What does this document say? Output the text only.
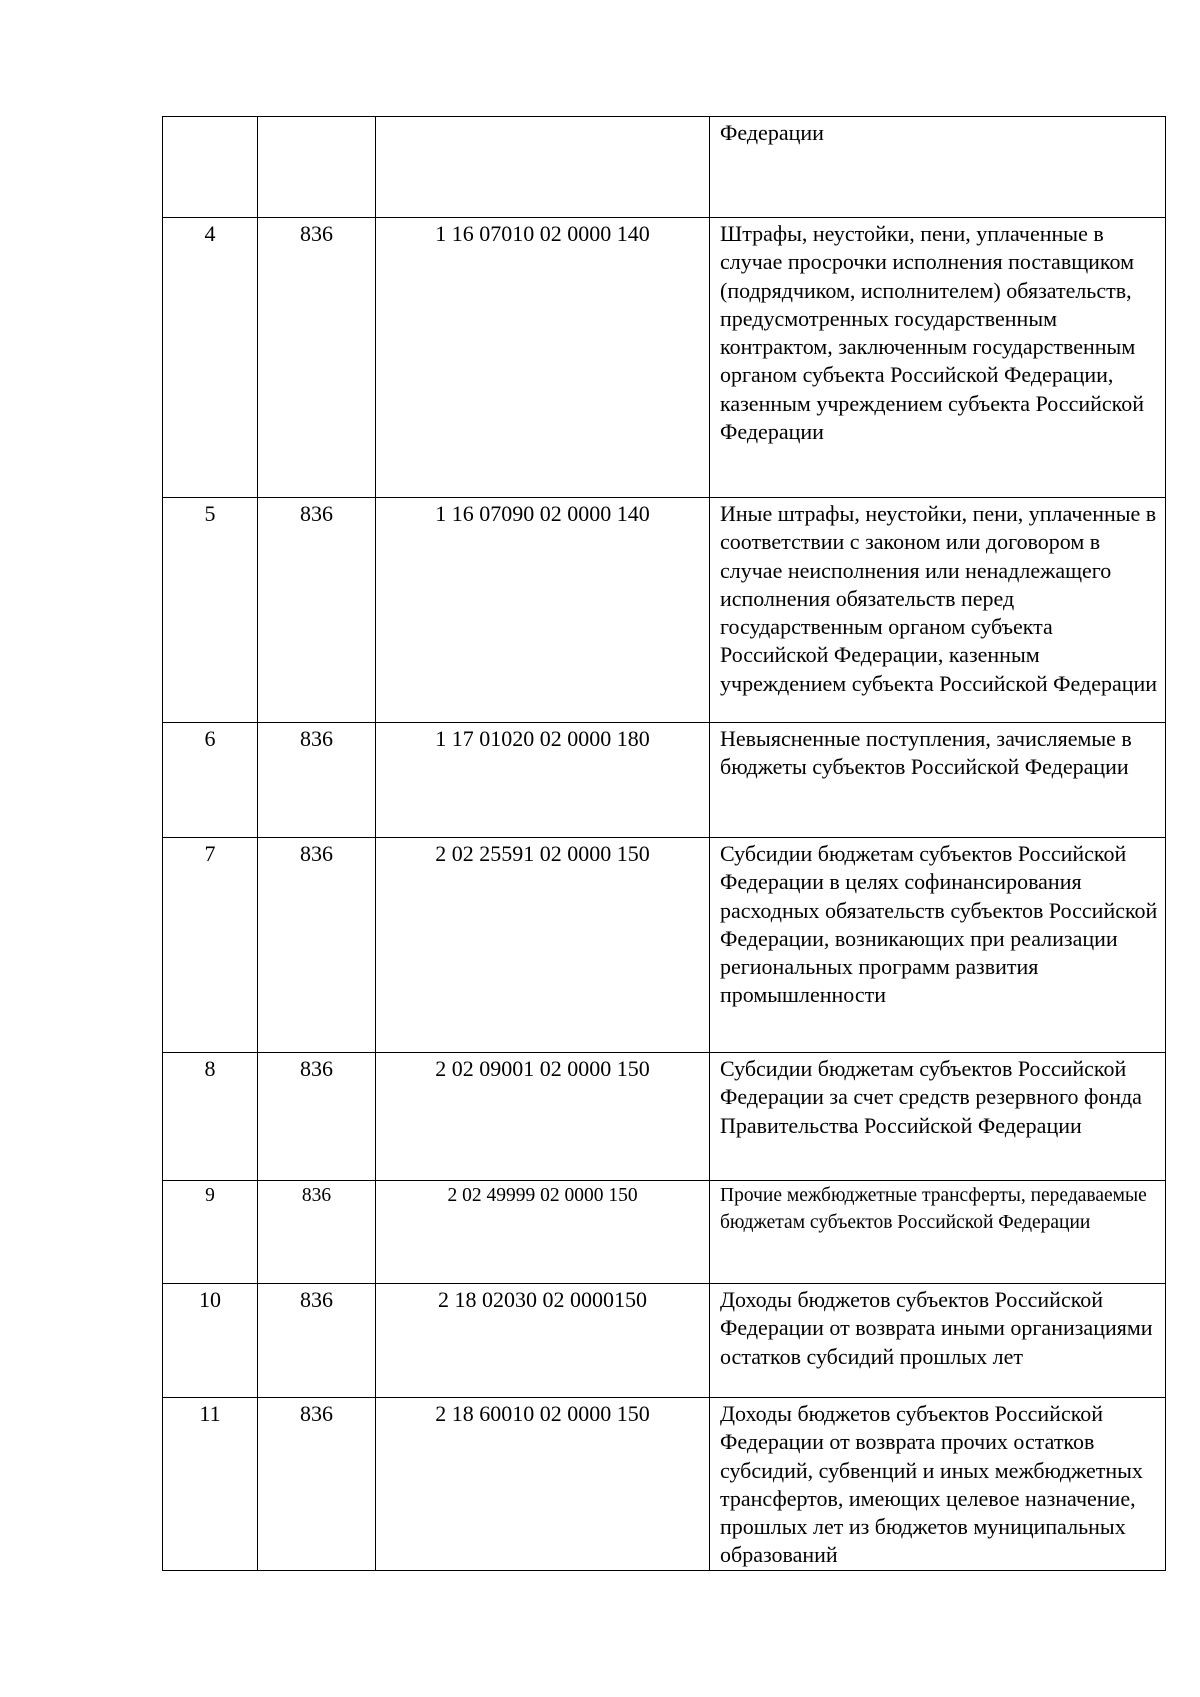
			Федерации
4	836	1 16 07010 02 0000 140	Штрафы, неустойки, пени, уплаченные в случае просрочки исполнения поставщиком (подрядчиком, исполнителем) обязательств, предусмотренных государственным контрактом, заключенным государственным органом субъекта Российской Федерации, казенным учреждением субъекта Российской Федерации
5	836	1 16 07090 02 0000 140	Иные штрафы, неустойки, пени, уплаченные в соответствии с законом или договором в случае неисполнения или ненадлежащего исполнения обязательств перед государственным органом субъекта Российской Федерации, казенным учреждением субъекта Российской Федерации
6	836	1 17 01020 02 0000 180	Невыясненные поступления, зачисляемые в бюджеты субъектов Российской Федерации
7	836	2 02 25591 02 0000 150	Субсидии бюджетам субъектов Российской Федерации в целях софинансирования расходных обязательств субъектов Российской Федерации, возникающих при реализации региональных программ развития промышленности
8	836	2 02 09001 02 0000 150	Субсидии бюджетам субъектов Российской Федерации за счет средств резервного фонда Правительства Российской Федерации
9	836	2 02 49999 02 0000 150	Прочие межбюджетные трансферты, передаваемые бюджетам субъектов Российской Федерации
10	836	2 18 02030 02 0000150	Доходы бюджетов субъектов Российской Федерации от возврата иными организациями остатков субсидий прошлых лет
11	836	2 18 60010 02 0000 150	Доходы бюджетов субъектов Российской Федерации от возврата прочих остатков субсидий, субвенций и иных межбюджетных трансфертов, имеющих целевое назначение, прошлых лет из бюджетов муниципальных образований
